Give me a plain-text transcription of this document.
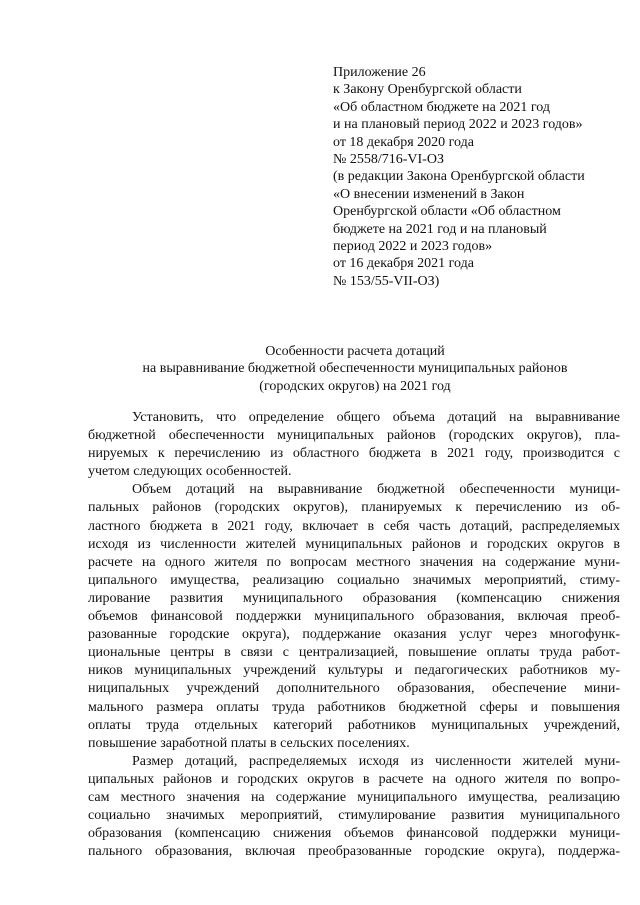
Приложение 26
к Закону Оренбургской области
«Об областном бюджете на 2021 год
и на плановый период 2022 и 2023 годов»
от 18 декабря 2020 года
№ 2558/716-VI-ОЗ
(в редакции Закона Оренбургской области
«О внесении изменений в Закон
Оренбургской области «Об областном
бюджете на 2021 год и на плановый
период 2022 и 2023 годов»
от 16 декабря 2021 года
№ 153/55-VII-ОЗ)
Особенности расчета дотаций
на выравнивание бюджетной обеспеченности муниципальных районов
(городских округов) на 2021 год
Установить, что определение общего объема дотаций на выравнивание
бюджетной обеспеченности муниципальных районов (городских округов), пла-
нируемых к перечислению из областного бюджета в 2021 году, производится с
учетом следующих особенностей.
Объем дотаций на выравнивание бюджетной обеспеченности муници-
пальных районов (городских округов), планируемых к перечислению из об-
ластного бюджета в 2021 году, включает в себя часть дотаций, распределяемых
исходя из численности жителей муниципальных районов и городских округов в
расчете на одного жителя по вопросам местного значения на содержание муни-
ципального имущества, реализацию социально значимых мероприятий, стиму-
лирование развития муниципального образования (компенсацию снижения
объемов финансовой поддержки муниципального образования, включая преоб-
разованные городские округа), поддержание оказания услуг через многофунк-
циональные центры в связи с централизацией, повышение оплаты труда работ-
ников муниципальных учреждений культуры и педагогических работников му-
ниципальных учреждений дополнительного образования, обеспечение мини-
мального размера оплаты труда работников бюджетной сферы и повышения
оплаты труда отдельных категорий работников муниципальных учреждений,
повышение заработной платы в сельских поселениях.
Размер дотаций, распределяемых исходя из численности жителей муни-
ципальных районов и городских округов в расчете на одного жителя по вопро-
сам местного значения на содержание муниципального имущества, реализацию
социально значимых мероприятий, стимулирование развития муниципального
образования (компенсацию снижения объемов финансовой поддержки муници-
пального образования, включая преобразованные городские округа), поддержа-
